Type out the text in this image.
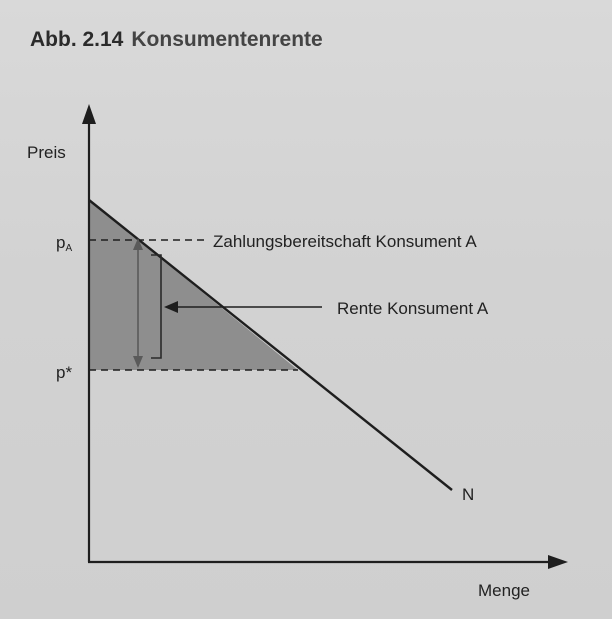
Abb. 2.14 Konsumentenrente
Preis
Menge
pA
p*
Zahlungsbereitschaft Konsument A
Rente Konsument A
N
